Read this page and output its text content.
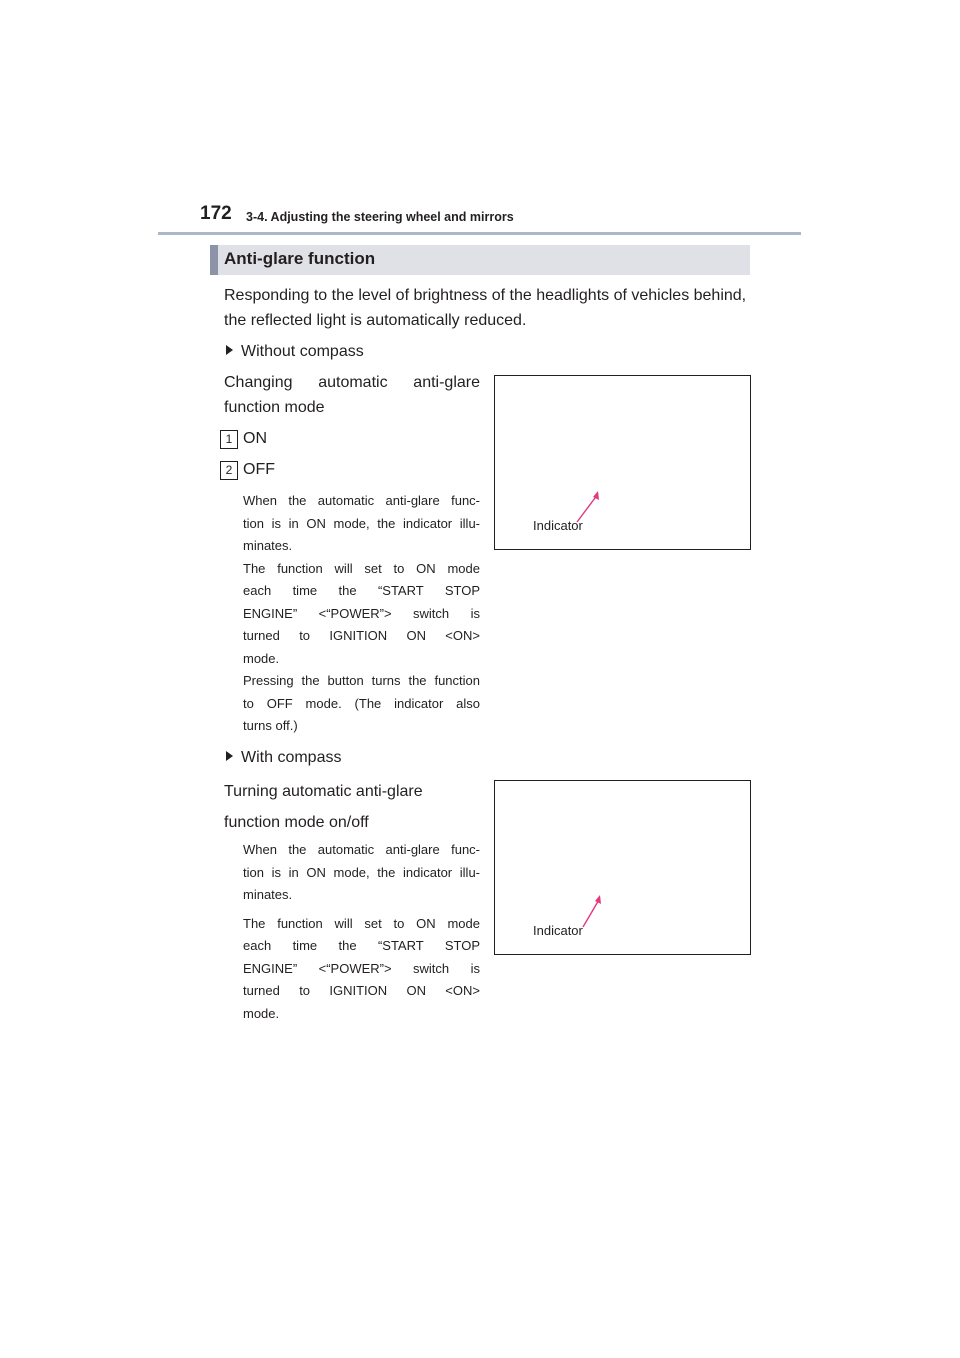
172 3-4. Adjusting the steering wheel and mirrors
Anti-glare function
Responding to the level of brightness of the headlights of vehicles behind,
the reflected light is automatically reduced.
Without compass
Changing automatic anti-glare
function mode
1 ON
2 OFF
When the automatic anti-glare func-
tion is in ON mode, the indicator illu-
minates.
The function will set to ON mode
each time the “START STOP
ENGINE” <“POWER”> switch is
turned to IGNITION ON <ON>
mode.
Pressing the button turns the function
to OFF mode. (The indicator also
turns off.)
Indicator
With compass
Turning automatic anti-glare
function mode on/off
When the automatic anti-glare func-
tion is in ON mode, the indicator illu-
minates.
The function will set to ON mode
each time the “START STOP
ENGINE” <“POWER”> switch is
turned to IGNITION ON <ON>
mode.
Indicator
